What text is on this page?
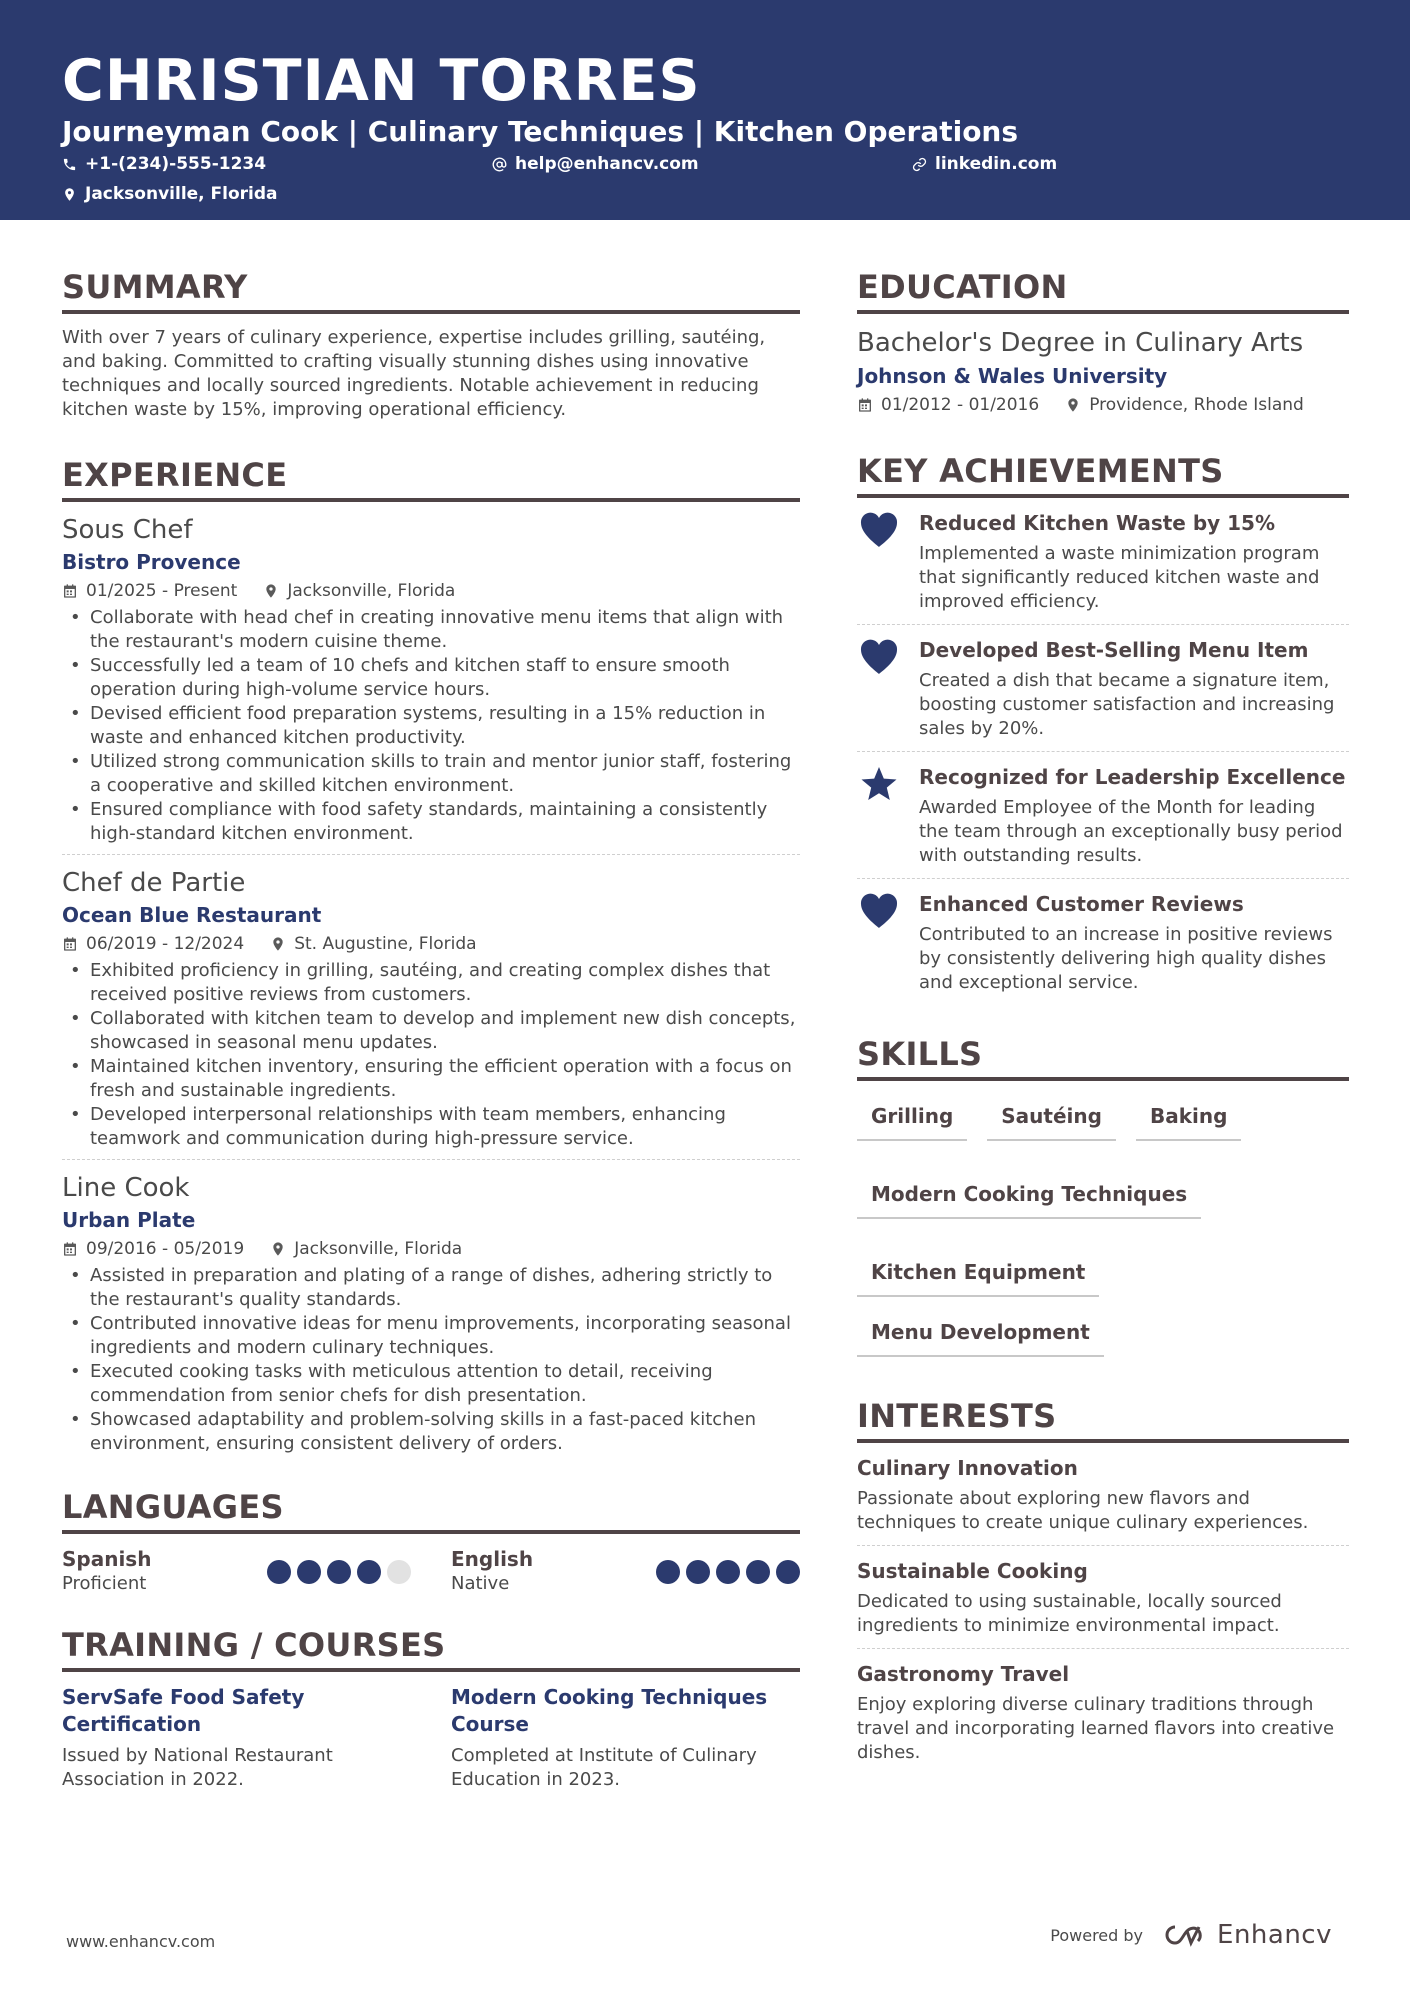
CHRISTIAN TORRES
Journeyman Cook | Culinary Techniques | Kitchen Operations
+1-(234)-555-1234	help@enhancv.com	linkedin.com
Jacksonville, Florida
SUMMARY
With over 7 years of culinary experience, expertise includes grilling, sautéing, and baking. Committed to crafting visually stunning dishes using innovative techniques and locally sourced ingredients. Notable achievement in reducing kitchen waste by 15%, improving operational efficiency.
EXPERIENCE
Sous Chef
Bistro Provence
01/2025 - Present	Jacksonville, Florida
• Collaborate with head chef in creating innovative menu items that align with the restaurant's modern cuisine theme.
• Successfully led a team of 10 chefs and kitchen staff to ensure smooth operation during high-volume service hours.
• Devised efficient food preparation systems, resulting in a 15% reduction in waste and enhanced kitchen productivity.
• Utilized strong communication skills to train and mentor junior staff, fostering a cooperative and skilled kitchen environment.
• Ensured compliance with food safety standards, maintaining a consistently high-standard kitchen environment.
Chef de Partie
Ocean Blue Restaurant
06/2019 - 12/2024	St. Augustine, Florida
• Exhibited proficiency in grilling, sautéing, and creating complex dishes that received positive reviews from customers.
• Collaborated with kitchen team to develop and implement new dish concepts, showcased in seasonal menu updates.
• Maintained kitchen inventory, ensuring the efficient operation with a focus on fresh and sustainable ingredients.
• Developed interpersonal relationships with team members, enhancing teamwork and communication during high-pressure service.
Line Cook
Urban Plate
09/2016 - 05/2019	Jacksonville, Florida
• Assisted in preparation and plating of a range of dishes, adhering strictly to the restaurant's quality standards.
• Contributed innovative ideas for menu improvements, incorporating seasonal ingredients and modern culinary techniques.
• Executed cooking tasks with meticulous attention to detail, receiving commendation from senior chefs for dish presentation.
• Showcased adaptability and problem-solving skills in a fast-paced kitchen environment, ensuring consistent delivery of orders.
LANGUAGES
Spanish
Proficient
English
Native
TRAINING / COURSES
ServSafe Food Safety Certification
Issued by National Restaurant Association in 2022.
Modern Cooking Techniques Course
Completed at Institute of Culinary Education in 2023.
EDUCATION
Bachelor's Degree in Culinary Arts
Johnson & Wales University
01/2012 - 01/2016	Providence, Rhode Island
KEY ACHIEVEMENTS
Reduced Kitchen Waste by 15%
Implemented a waste minimization program that significantly reduced kitchen waste and improved efficiency.
Developed Best-Selling Menu Item
Created a dish that became a signature item, boosting customer satisfaction and increasing sales by 20%.
Recognized for Leadership Excellence
Awarded Employee of the Month for leading the team through an exceptionally busy period with outstanding results.
Enhanced Customer Reviews
Contributed to an increase in positive reviews by consistently delivering high quality dishes and exceptional service.
SKILLS
Grilling	Sautéing	Baking
Modern Cooking Techniques
Kitchen Equipment
Menu Development
INTERESTS
Culinary Innovation
Passionate about exploring new flavors and techniques to create unique culinary experiences.
Sustainable Cooking
Dedicated to using sustainable, locally sourced ingredients to minimize environmental impact.
Gastronomy Travel
Enjoy exploring diverse culinary traditions through travel and incorporating learned flavors into creative dishes.
www.enhancv.com	Powered by	Enhancv
